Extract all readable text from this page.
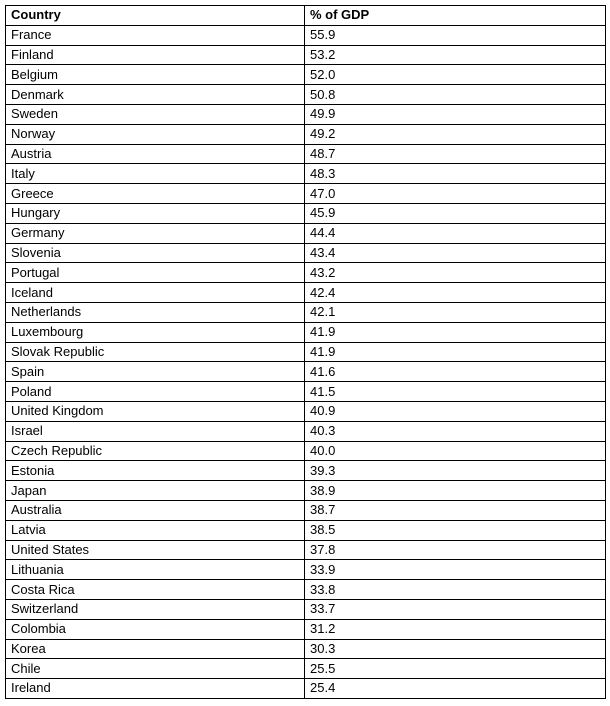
Country	% of GDP
France	55.9
Finland	53.2
Belgium	52.0
Denmark	50.8
Sweden	49.9
Norway	49.2
Austria	48.7
Italy	48.3
Greece	47.0
Hungary	45.9
Germany	44.4
Slovenia	43.4
Portugal	43.2
Iceland	42.4
Netherlands	42.1
Luxembourg	41.9
Slovak Republic	41.9
Spain	41.6
Poland	41.5
United Kingdom	40.9
Israel	40.3
Czech Republic	40.0
Estonia	39.3
Japan	38.9
Australia	38.7
Latvia	38.5
United States	37.8
Lithuania	33.9
Costa Rica	33.8
Switzerland	33.7
Colombia	31.2
Korea	30.3
Chile	25.5
Ireland	25.4
